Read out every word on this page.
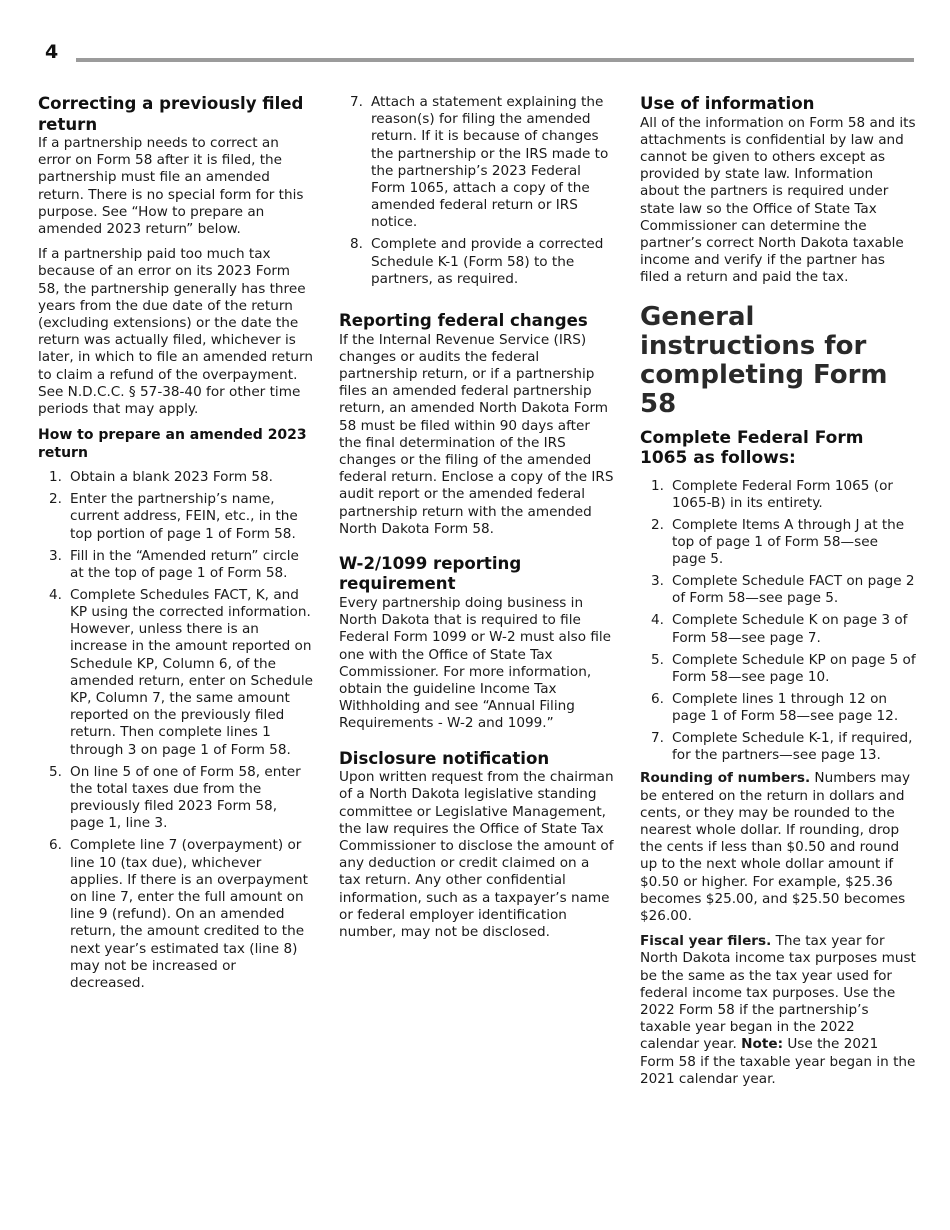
4
Correcting a previously filed return

If a partnership needs to correct an error on Form 58 after it is filed, the partnership must file an amended return. There is no special form for this purpose. See “How to prepare an amended 2023 return” below.

If a partnership paid too much tax because of an error on its 2023 Form 58, the partnership generally has three years from the due date of the return (excluding extensions) or the date the return was actually filed, whichever is later, in which to file an amended return to claim a refund of the overpayment. See N.D.C.C. § 57-38-40 for other time periods that may apply.

How to prepare an amended 2023 return
1. Obtain a blank 2023 Form 58.
2. Enter the partnership’s name, current address, FEIN, etc., in the top portion of page 1 of Form 58.
3. Fill in the “Amended return” circle at the top of page 1 of Form 58.
4. Complete Schedules FACT, K, and KP using the corrected information. However, unless there is an increase in the amount reported on Schedule KP, Column 6, of the amended return, enter on Schedule KP, Column 7, the same amount reported on the previously filed return. Then complete lines 1 through 3 on page 1 of Form 58.
5. On line 5 of one of Form 58, enter the total taxes due from the previously filed 2023 Form 58, page 1, line 3.
6. Complete line 7 (overpayment) or line 10 (tax due), whichever applies. If there is an overpayment on line 7, enter the full amount on line 9 (refund). On an amended return, the amount credited to the next year’s estimated tax (line 8) may not be increased or decreased.
7. Attach a statement explaining the reason(s) for filing the amended return. If it is because of changes the partnership or the IRS made to the partnership’s 2023 Federal Form 1065, attach a copy of the amended federal return or IRS notice.
8. Complete and provide a corrected Schedule K-1 (Form 58) to the partners, as required.
Reporting federal changes

If the Internal Revenue Service (IRS) changes or audits the federal partnership return, or if a partnership files an amended federal partnership return, an amended North Dakota Form 58 must be filed within 90 days after the final determination of the IRS changes or the filing of the amended federal return. Enclose a copy of the IRS audit report or the amended federal partnership return with the amended North Dakota Form 58.

W-2/1099 reporting requirement

Every partnership doing business in North Dakota that is required to file Federal Form 1099 or W-2 must also file one with the Office of State Tax Commissioner. For more information, obtain the guideline Income Tax Withholding and see “Annual Filing Requirements - W-2 and 1099.”

Disclosure notification

Upon written request from the chairman of a North Dakota legislative standing committee or Legislative Management, the law requires the Office of State Tax Commissioner to disclose the amount of any deduction or credit claimed on a tax return. Any other confidential information, such as a taxpayer’s name or federal employer identification number, may not be disclosed.

Use of information

All of the information on Form 58 and its attachments is confidential by law and cannot be given to others except as provided by state law. Information about the partners is required under state law so the Office of State Tax Commissioner can determine the partner’s correct North Dakota taxable income and verify if the partner has filed a return and paid the tax.

General instructions for completing Form 58
Complete Federal Form 1065 as follows:
1. Complete Federal Form 1065 (or 1065-B) in its entirety.
2. Complete Items A through J at the top of page 1 of Form 58—see page 5.
3. Complete Schedule FACT on page 2 of Form 58—see page 5.
4. Complete Schedule K on page 3 of Form 58—see page 7.
5. Complete Schedule KP on page 5 of Form 58—see page 10.
6. Complete lines 1 through 12 on page 1 of Form 58—see page 12.
7. Complete Schedule K-1, if required, for the partners—see page 13.

Rounding of numbers. Numbers may be entered on the return in dollars and cents, or they may be rounded to the nearest whole dollar. If rounding, drop the cents if less than $0.50 and round up to the next whole dollar amount if $0.50 or higher. For example, $25.36 becomes $25.00, and $25.50 becomes $26.00.

Fiscal year filers. The tax year for North Dakota income tax purposes must be the same as the tax year used for federal income tax purposes. Use the 2022 Form 58 if the partnership’s taxable year began in the 2022 calendar year. Note: Use the 2021 Form 58 if the taxable year began in the 2021 calendar year.
